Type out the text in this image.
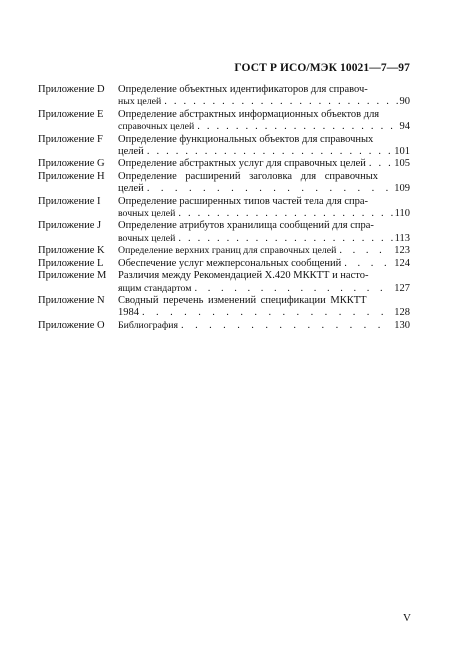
ГОСТ Р ИСО/МЭК 10021—7—97
Приложение D	Определение объектных идентификаторов для справоч-
ных целей . . .	90
Приложение E	Определение абстрактных информационных объектов для
справочных целей . . .	94
Приложение F	Определение функциональных объектов для справочных
целей . . .	101
Приложение G	Определение абстрактных услуг для справочных целей . . .	105
Приложение H	Определение расширений заголовка для справочных
целей . . .	109
Приложение I	Определение расширенных типов частей тела для спра-
вочных целей . . .	110
Приложение J	Определение атрибутов хранилища сообщений для спра-
вочных целей . . .	113
Приложение K	Определение верхних границ для справочных целей . . .	123
Приложение L	Обеспечение услуг межперсональных сообщений . . .	124
Приложение M	Различия между Рекомендацией X.420 МККТТ и насто-
ящим стандартом . . .	127
Приложение N	Сводный перечень изменений спецификации МККТТ
1984 . . .	128
Приложение O	Библиография . . .	130
V
